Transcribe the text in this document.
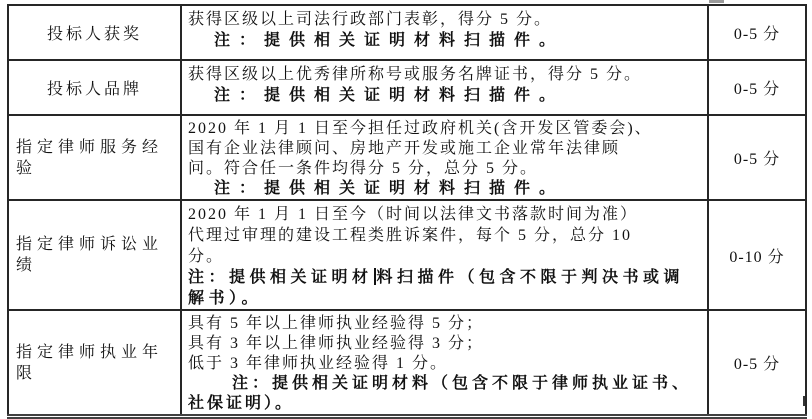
投标人获奖	获得区级以上司法行政部门表彰，得分 5 分。
注：提供相关证明材料扫描件。	0-5 分

投标人品牌	获得区级以上优秀律所称号或服务名牌证书，得分 5 分。
注：提供相关证明材料扫描件。	0-5 分

指定律师服务经验	2020 年 1 月 1 日至今担任过政府机关(含开发区管委会)、
国有企业法律顾问、房地产开发或施工企业常年法律顾
问。符合任一条件均得分 5 分，总分 5 分。
注：提供相关证明材料扫描件。	0-5 分

指定律师诉讼业绩	2020 年 1 月 1 日至今（时间以法律文书落款时间为准）
代理过审理的建设工程类胜诉案件，每个 5 分，总分 10
分。
注：提供相关证明材 料扫描件（包含不限于判决书或调
解书）。	0-10 分

指定律师执业年限	具有 5 年以上律师执业经验得 5 分；
具有 3 年以上律师执业经验得 3 分；
低于 3 年律师执业经验得 1 分。
注：提供相关证明材料（包含不限于律师执业证书、
社保证明）。	0-5 分
